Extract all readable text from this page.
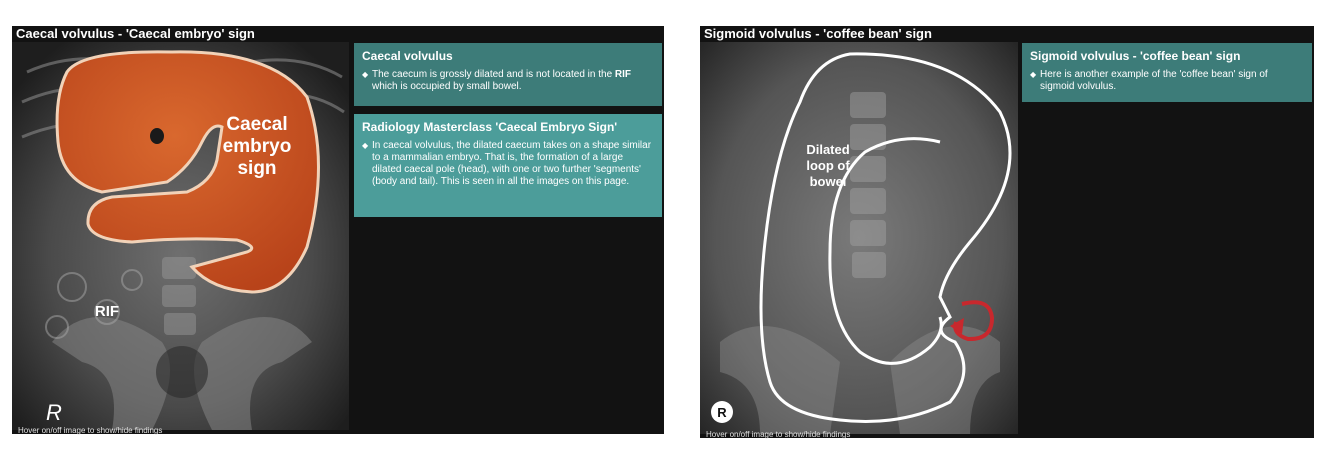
Caecal volvulus - 'Caecal embryo' sign
Caecal
embryo
sign
RIF
R
Hover on/off image to show/hide findings
Caecal volvulus
◆ The caecum is grossly dilated and is not located in the RIF which is occupied by small bowel.
Radiology Masterclass 'Caecal Embryo Sign'
◆ In caecal volvulus, the dilated caecum takes on a shape similar to a mammalian embryo. That is, the formation of a large dilated caecal pole (head), with one or two further 'segments' (body and tail). This is seen in all the images on this page.
Sigmoid volvulus - 'coffee bean' sign
Dilated
loop of
bowel
R
Hover on/off image to show/hide findings
Sigmoid volvulus - 'coffee bean' sign
◆ Here is another example of the 'coffee bean' sign of sigmoid volvulus.
